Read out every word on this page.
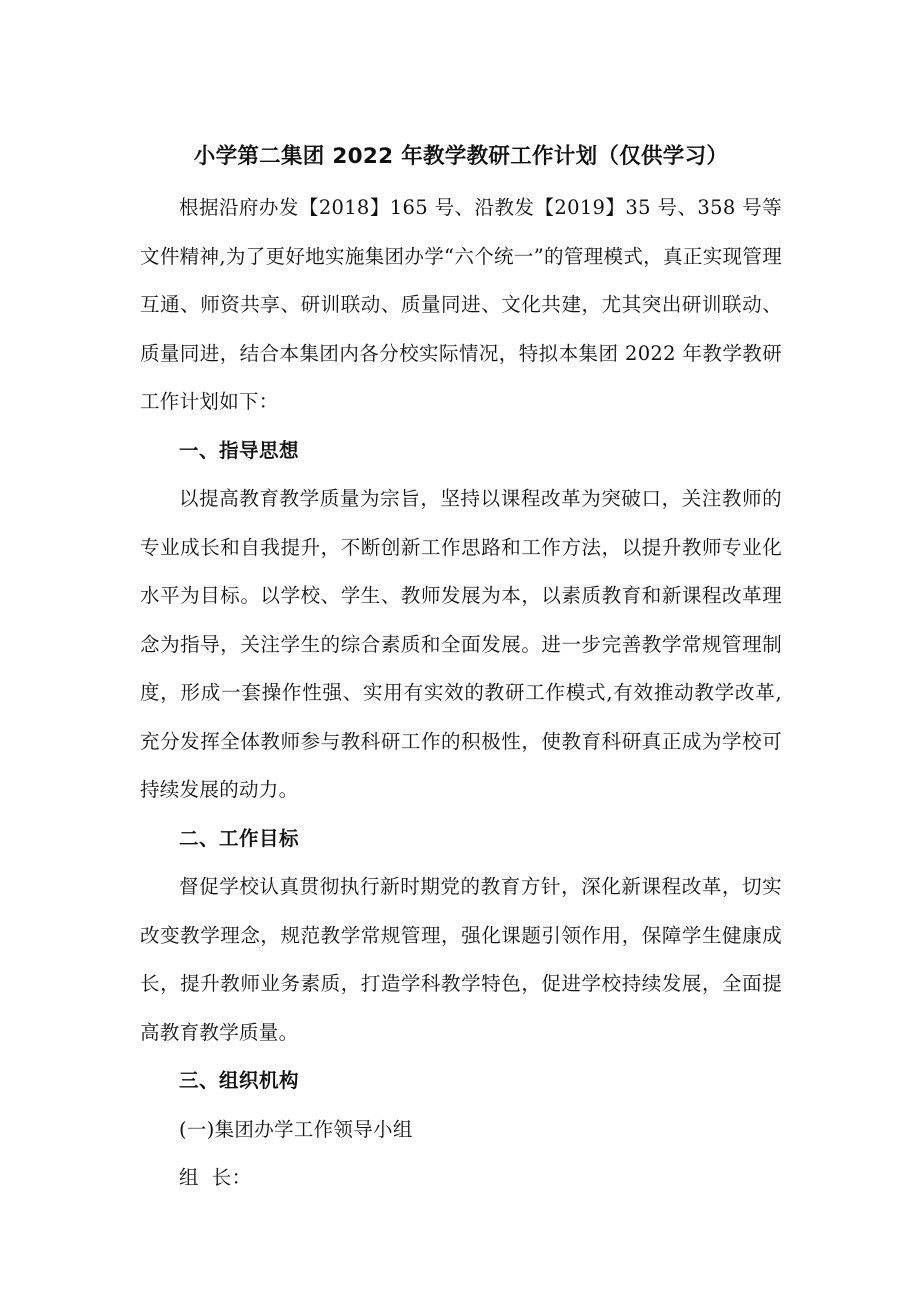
小学第二集团 2022 年教学教研工作计划（仅供学习）

根据沿府办发【2018】165 号、沿教发【2019】35 号、358 号等文件精神,为了更好地实施集团办学“六个统一”的管理模式，真正实现管理互通、师资共享、研训联动、质量同进、文化共建，尤其突出研训联动、质量同进，结合本集团内各分校实际情况，特拟本集团 2022 年教学教研工作计划如下：

一、指导思想

以提高教育教学质量为宗旨，坚持以课程改革为突破口，关注教师的专业成长和自我提升，不断创新工作思路和工作方法，以提升教师专业化水平为目标。以学校、学生、教师发展为本，以素质教育和新课程改革理念为指导，关注学生的综合素质和全面发展。进一步完善教学常规管理制度，形成一套操作性强、实用有实效的教研工作模式,有效推动教学改革,充分发挥全体教师参与教科研工作的积极性，使教育科研真正成为学校可持续发展的动力。

二、工作目标

督促学校认真贯彻执行新时期党的教育方针，深化新课程改革，切实改变教学理念，规范教学常规管理，强化课题引领作用，保障学生健康成长，提升教师业务素质，打造学科教学特色，促进学校持续发展，全面提高教育教学质量。

三、组织机构

(一)集团办学工作领导小组

组  长：
